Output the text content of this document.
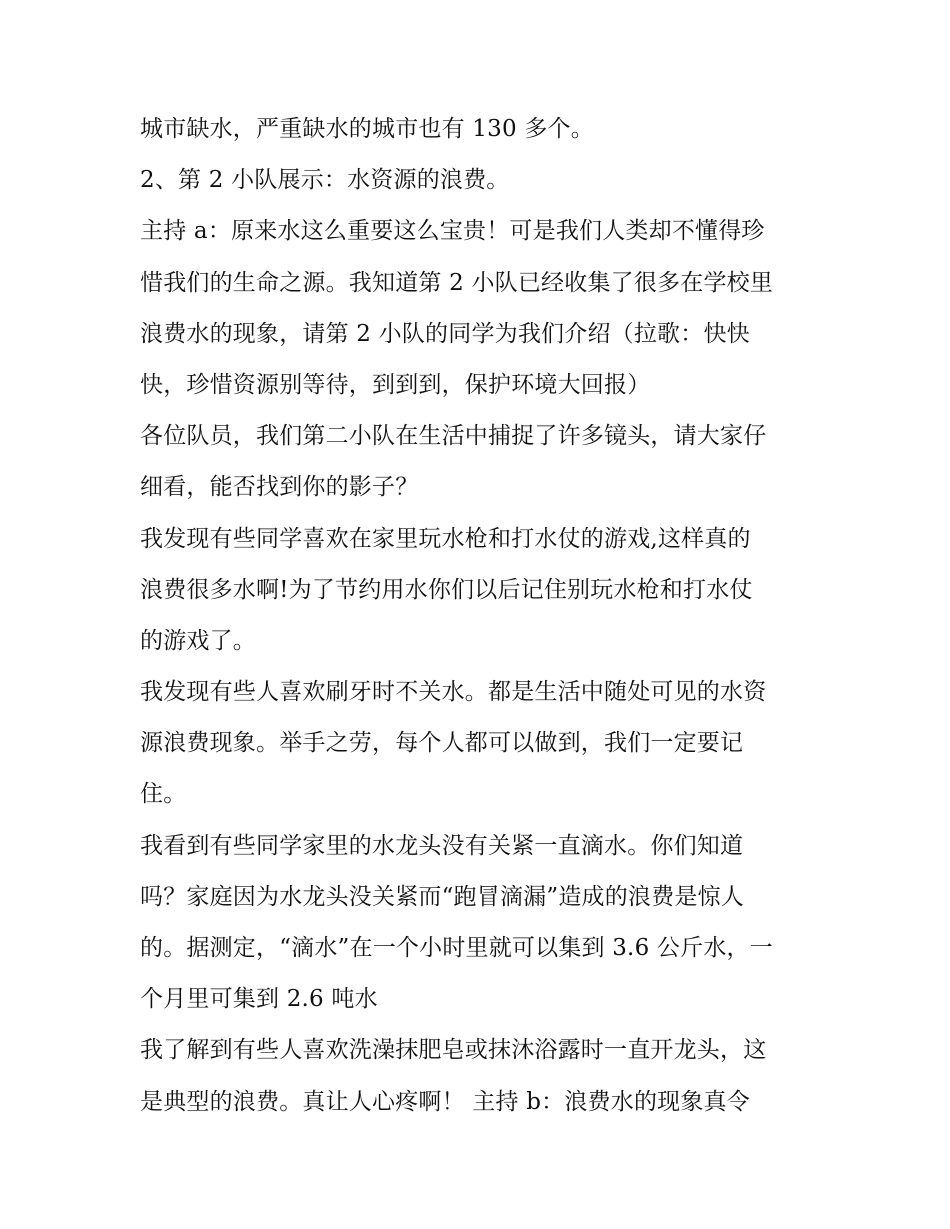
城市缺水，严重缺水的城市也有 130 多个。
2、第 2 小队展示：水资源的浪费。
主持 a：原来水这么重要这么宝贵！可是我们人类却不懂得珍
惜我们的生命之源。我知道第 2 小队已经收集了很多在学校里
浪费水的现象，请第 2 小队的同学为我们介绍（拉歌：快快
快，珍惜资源别等待，到到到，保护环境大回报）
各位队员，我们第二小队在生活中捕捉了许多镜头，请大家仔
细看，能否找到你的影子？
我发现有些同学喜欢在家里玩水枪和打水仗的游戏,这样真的
浪费很多水啊!为了节约用水你们以后记住别玩水枪和打水仗
的游戏了。
我发现有些人喜欢刷牙时不关水。都是生活中随处可见的水资
源浪费现象。举手之劳，每个人都可以做到，我们一定要记
住。
我看到有些同学家里的水龙头没有关紧一直滴水。你们知道
吗？家庭因为水龙头没关紧而“跑冒滴漏”造成的浪费是惊人
的。据测定，“滴水”在一个小时里就可以集到 3.6 公斤水，一
个月里可集到 2.6 吨水
我了解到有些人喜欢洗澡抹肥皂或抹沐浴露时一直开龙头，这
是典型的浪费。真让人心疼啊！ 主持 b：浪费水的现象真令
